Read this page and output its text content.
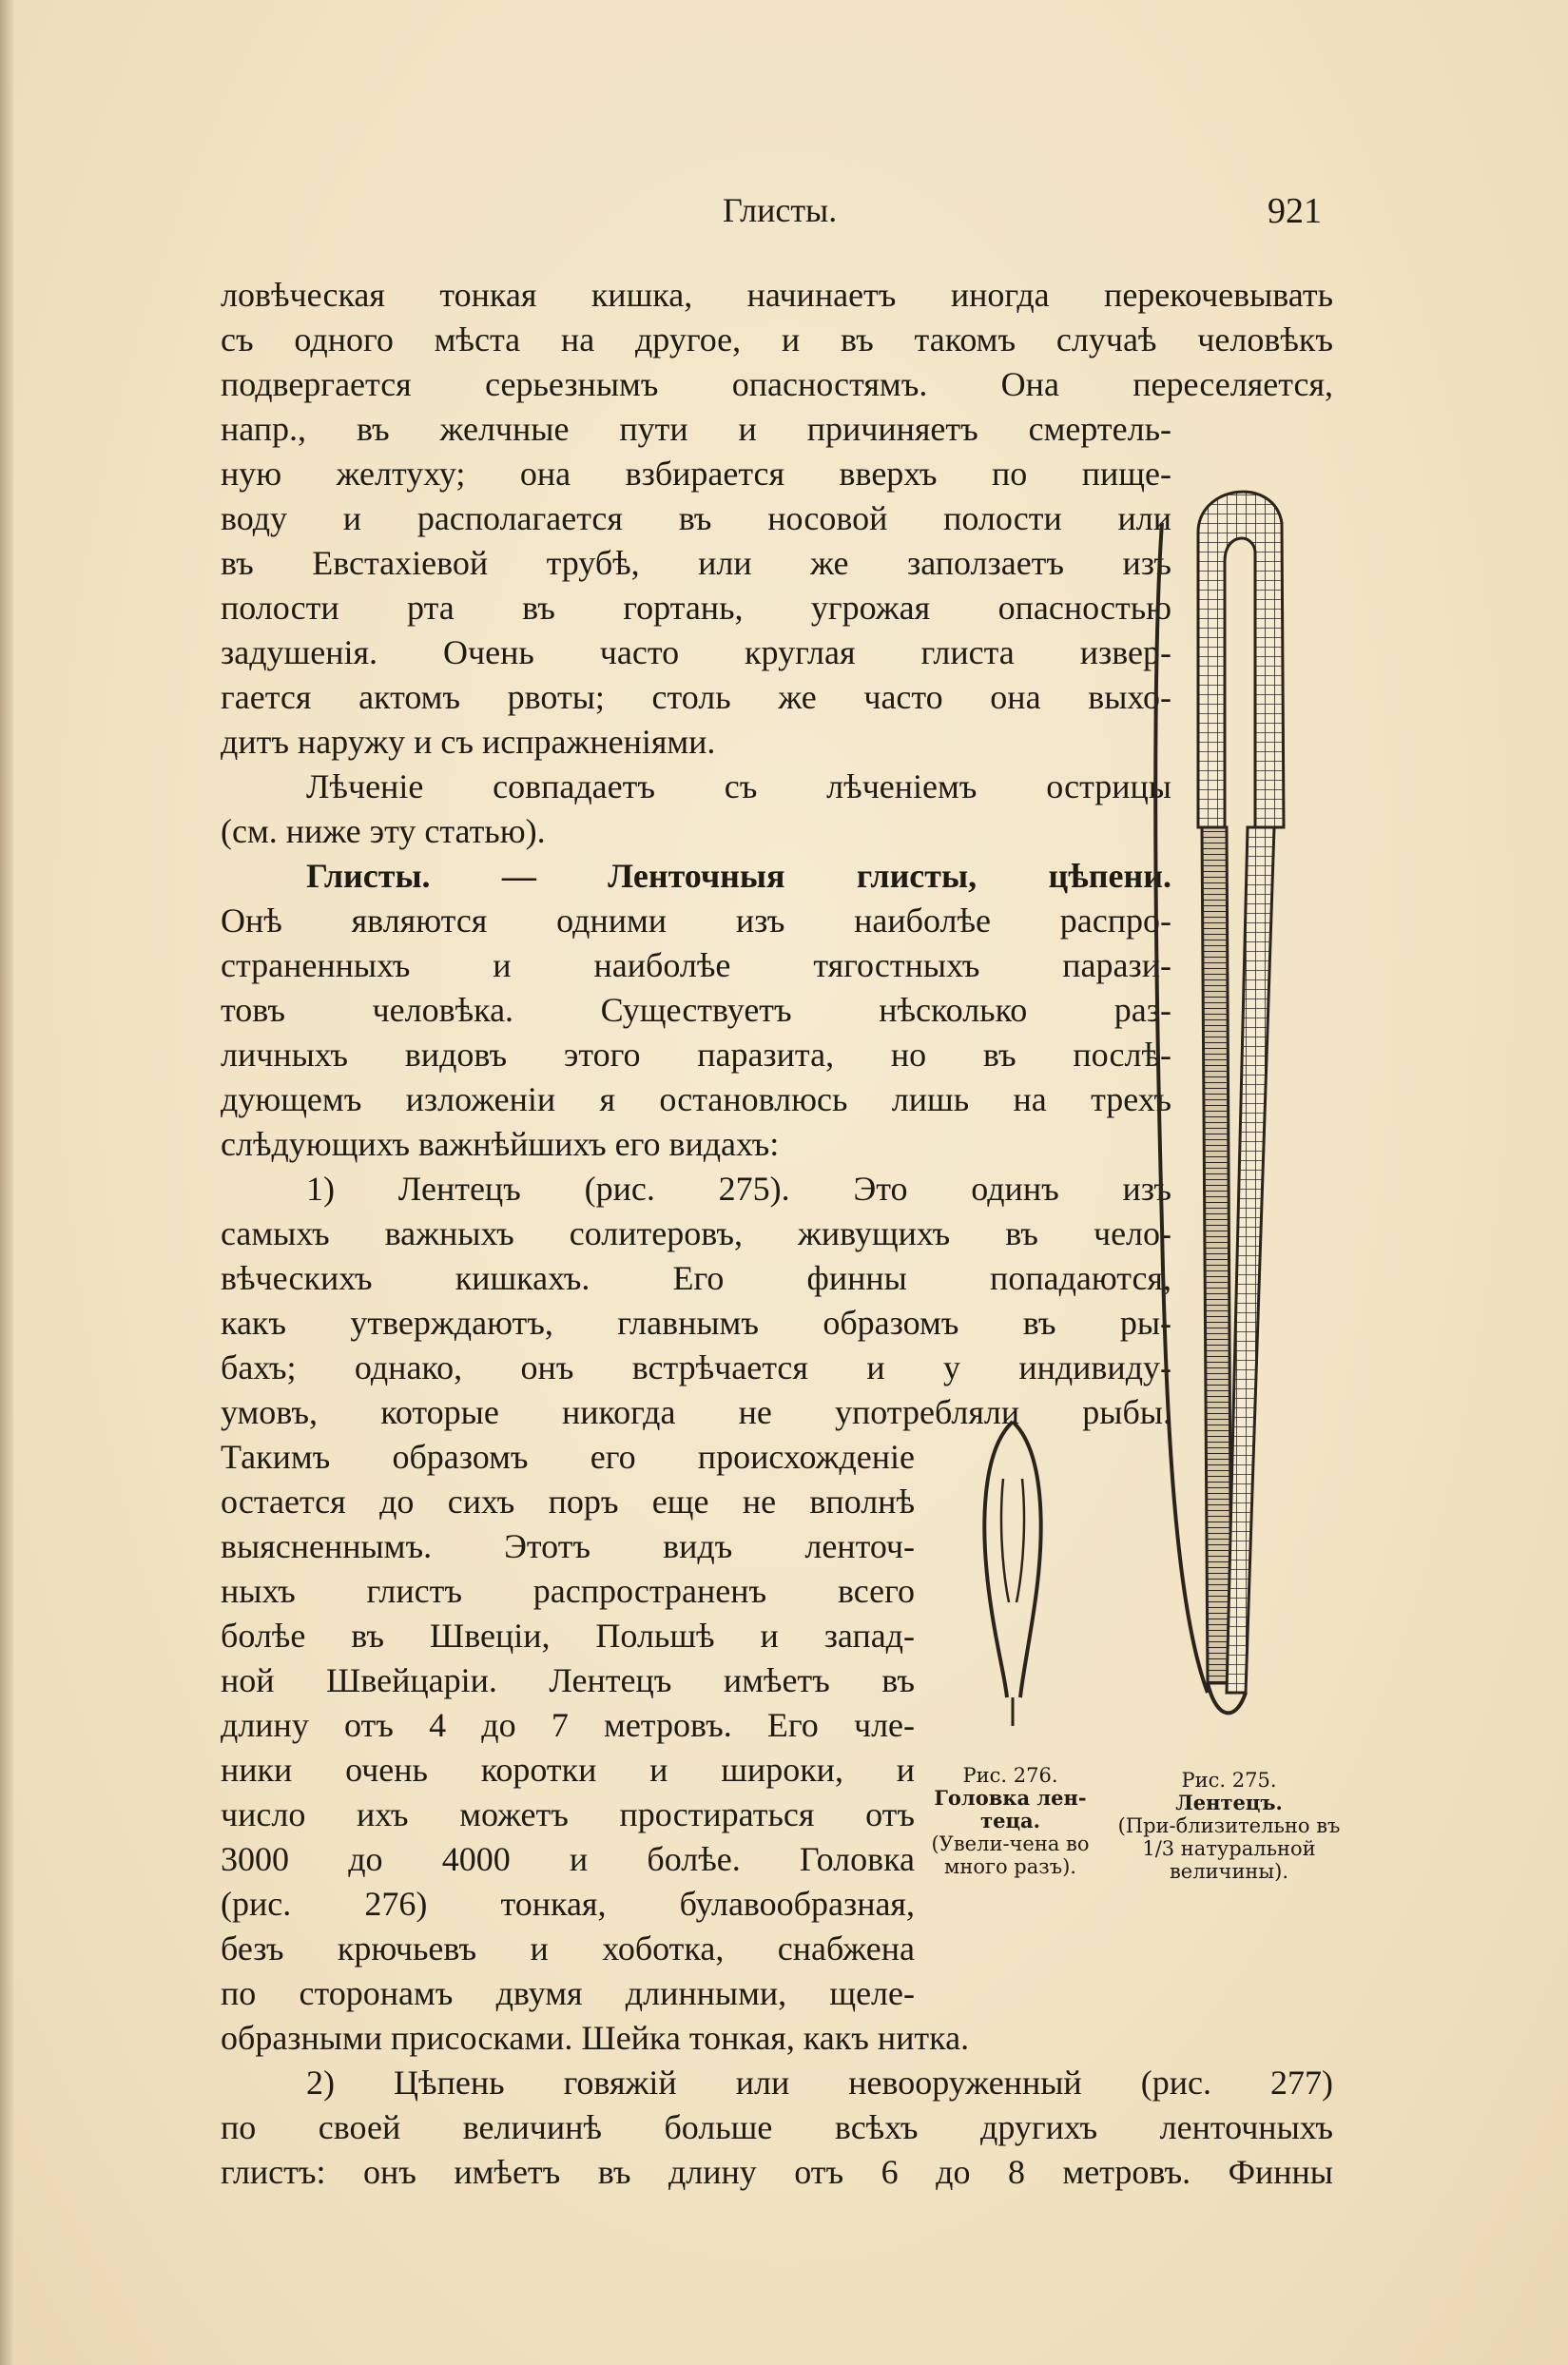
Глисты.	921
ловѣческая тонкая кишка, начинаетъ иногда перекочевывать
съ одного мѣста на другое, и въ такомъ случаѣ человѣкъ
подвергается серьезнымъ опасностямъ. Она переселяется,
напр., въ желчные пути и причиняетъ смертель-
ную желтуху; она взбирается вверхъ по пище-
воду и располагается въ носовой полости или
въ Евстахіевой трубѣ, или же заползаетъ изъ
полости рта въ гортань, угрожая опасностью
задушенія. Очень часто круглая глиста извер-
гается актомъ рвоты; столь же часто она выхо-
дитъ наружу и съ испражненіями.
Лѣченіе совпадаетъ съ лѣченіемъ острицы
(см. ниже эту статью).
Глисты. — Ленточныя глисты, цѣпени.
Онѣ являются одними изъ наиболѣе распро-
страненныхъ и наиболѣе тягостныхъ парази-
товъ человѣка. Существуетъ нѣсколько раз-
личныхъ видовъ этого паразита, но въ послѣ-
дующемъ изложеніи я остановлюсь лишь на трехъ
слѣдующихъ важнѣйшихъ его видахъ:
1) Лентецъ (рис. 275). Это одинъ изъ
самыхъ важныхъ солитеровъ, живущихъ въ чело-
вѣческихъ кишкахъ. Его финны попадаются,
какъ утверждаютъ, главнымъ образомъ въ ры-
бахъ; однако, онъ встрѣчается и у индивиду-
умовъ, которые никогда не употребляли рыбы.
Такимъ образомъ его происхожденіе
остается до сихъ поръ еще не вполнѣ
выясненнымъ. Этотъ видъ ленточ-
ныхъ глистъ распространенъ всего
болѣе въ Швеціи, Польшѣ и запад-
ной Швейцаріи. Лентецъ имѣетъ въ
длину отъ 4 до 7 метровъ. Его чле-
ники очень коротки и широки, и
число ихъ можетъ простираться отъ
3000 до 4000 и болѣе. Головка
(рис. 276) тонкая, булавообразная,
безъ крючьевъ и хоботка, снабжена
по сторонамъ двумя длинными, щеле-
образными присосками. Шейка тонкая, какъ нитка.
2) Цѣпень говяжій или невооруженный (рис. 277)
по своей величинѣ больше всѣхъ другихъ ленточныхъ
глистъ: онъ имѣетъ въ длину отъ 6 до 8 метровъ. Финны
Рис. 276.
Головка лен-теца.
(Увели-чена во много разъ).
Рис. 275.
Лентецъ.
(При-близительно въ 1/3 натуральной величины).
